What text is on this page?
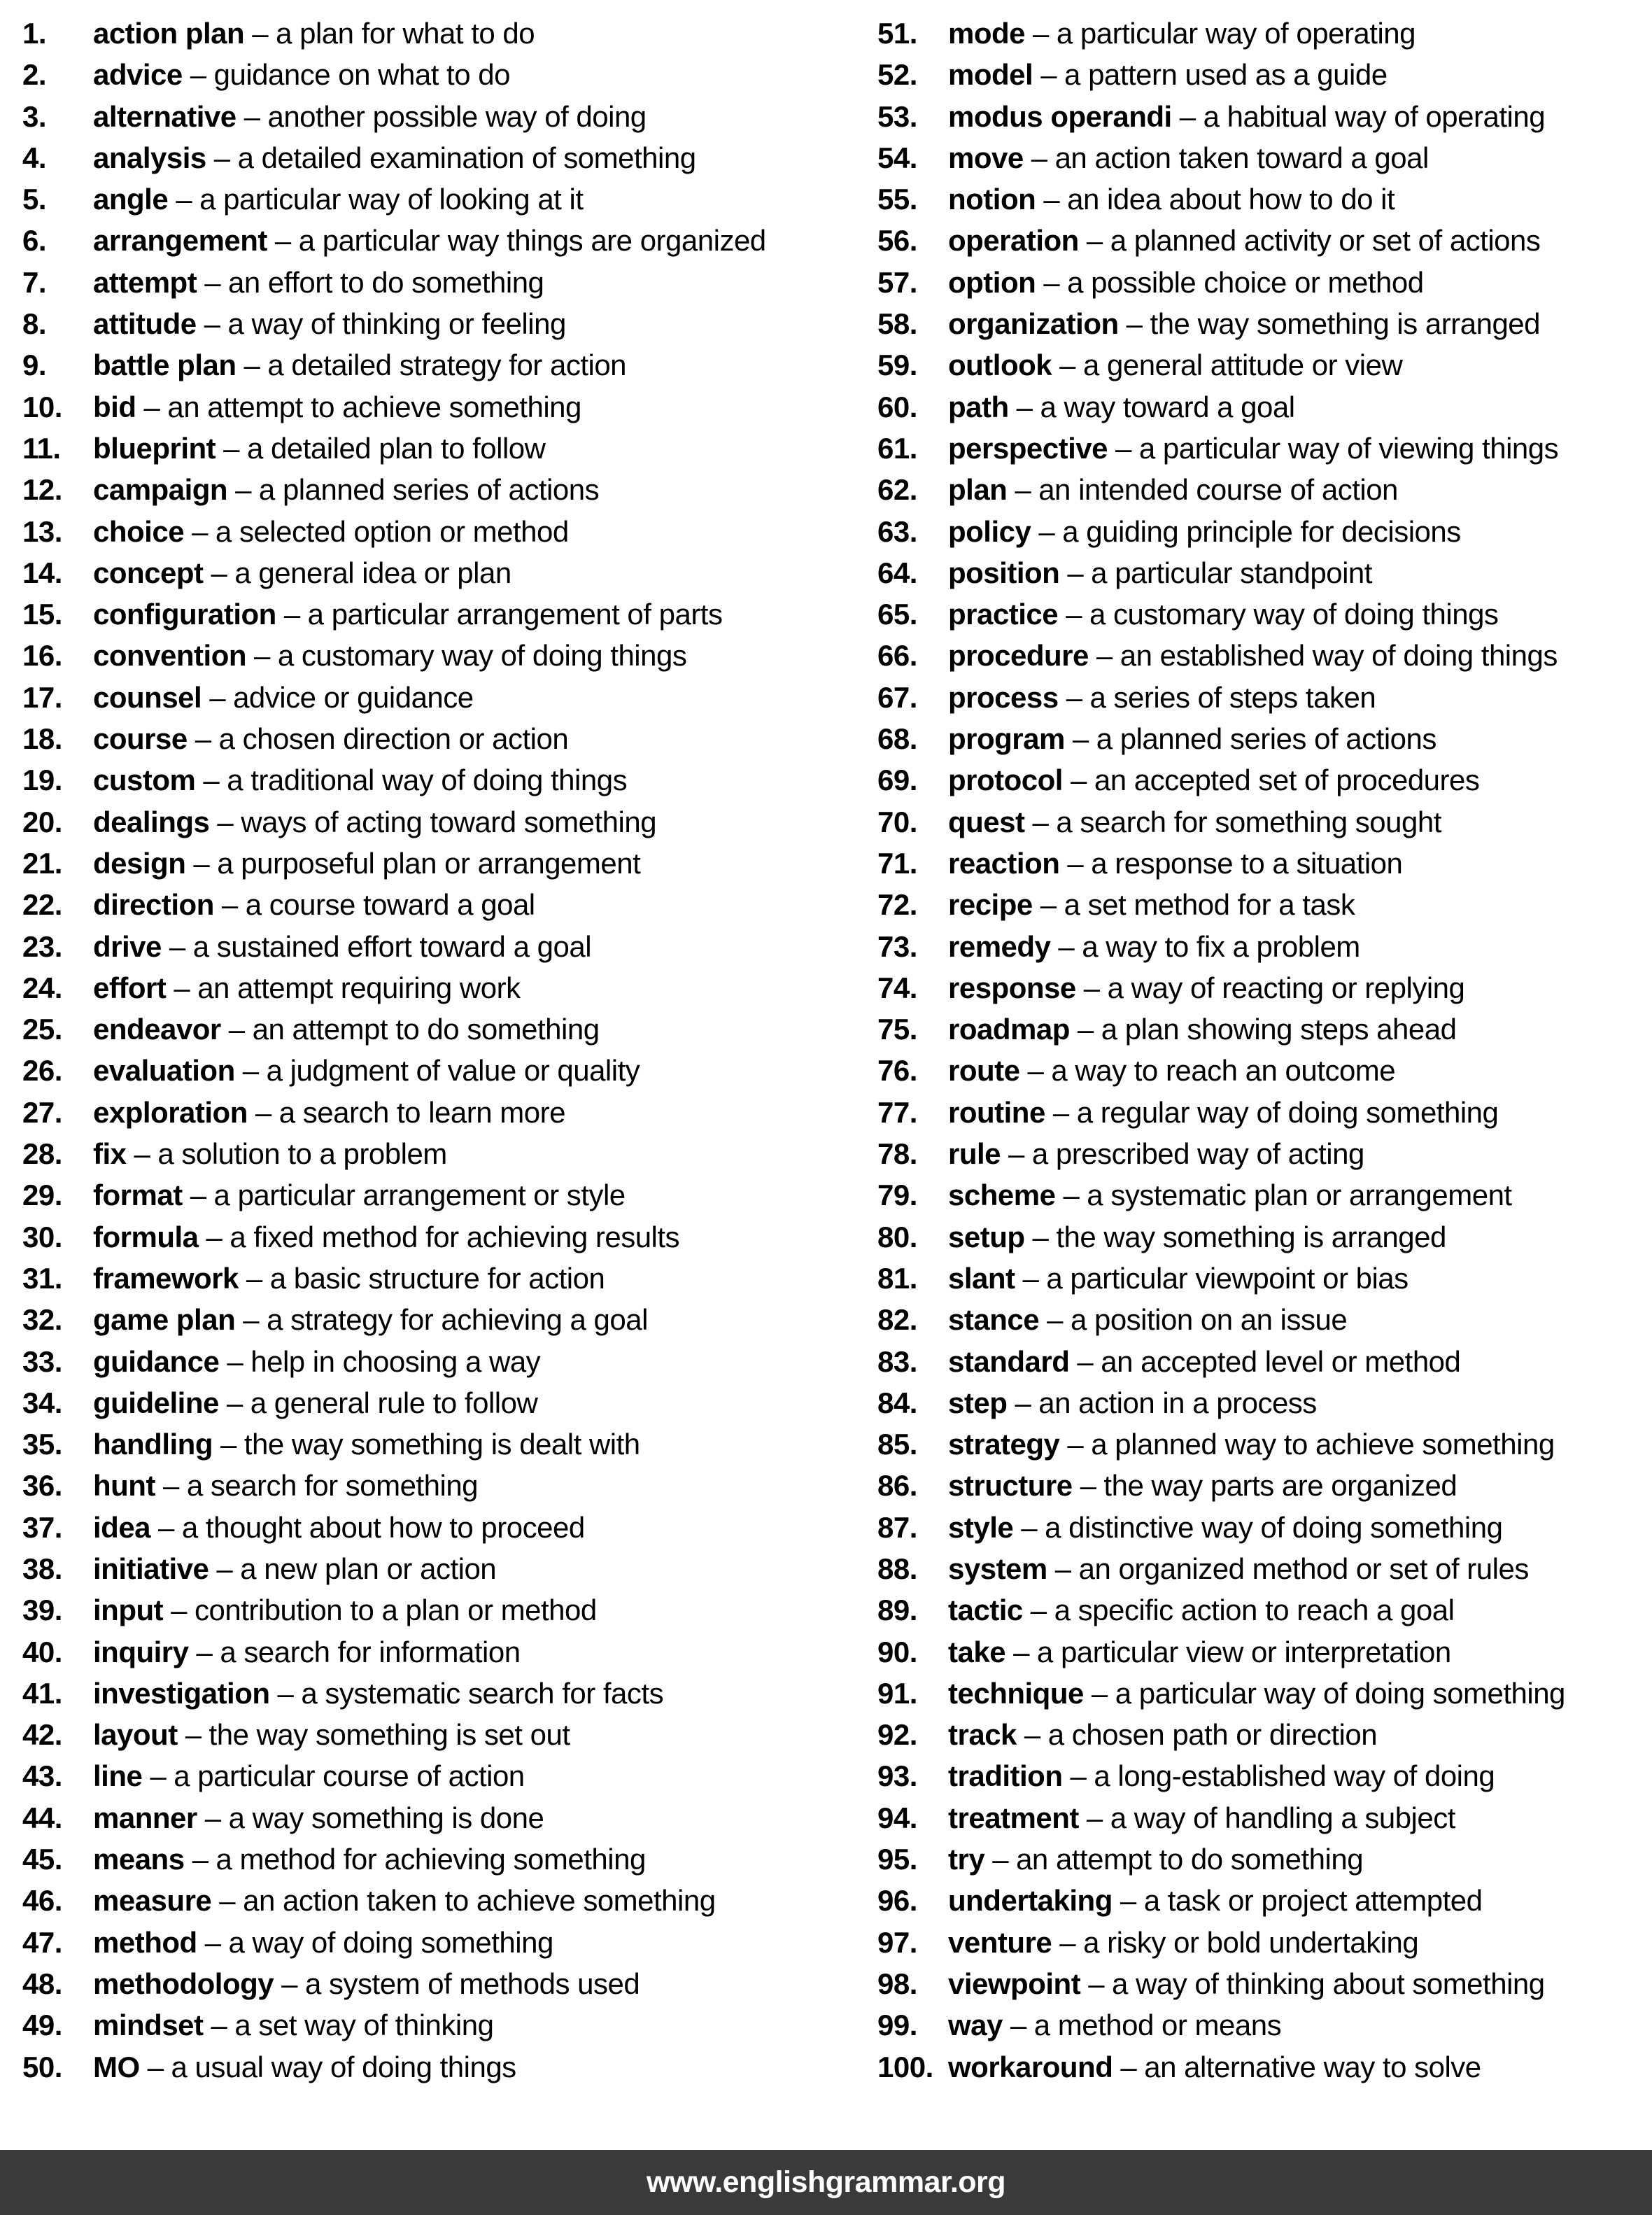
1. action plan – a plan for what to do
2. advice – guidance on what to do
3. alternative – another possible way of doing
4. analysis – a detailed examination of something
5. angle – a particular way of looking at it
6. arrangement – a particular way things are organized
7. attempt – an effort to do something
8. attitude – a way of thinking or feeling
9. battle plan – a detailed strategy for action
10. bid – an attempt to achieve something
11. blueprint – a detailed plan to follow
12. campaign – a planned series of actions
13. choice – a selected option or method
14. concept – a general idea or plan
15. configuration – a particular arrangement of parts
16. convention – a customary way of doing things
17. counsel – advice or guidance
18. course – a chosen direction or action
19. custom – a traditional way of doing things
20. dealings – ways of acting toward something
21. design – a purposeful plan or arrangement
22. direction – a course toward a goal
23. drive – a sustained effort toward a goal
24. effort – an attempt requiring work
25. endeavor – an attempt to do something
26. evaluation – a judgment of value or quality
27. exploration – a search to learn more
28. fix – a solution to a problem
29. format – a particular arrangement or style
30. formula – a fixed method for achieving results
31. framework – a basic structure for action
32. game plan – a strategy for achieving a goal
33. guidance – help in choosing a way
34. guideline – a general rule to follow
35. handling – the way something is dealt with
36. hunt – a search for something
37. idea – a thought about how to proceed
38. initiative – a new plan or action
39. input – contribution to a plan or method
40. inquiry – a search for information
41. investigation – a systematic search for facts
42. layout – the way something is set out
43. line – a particular course of action
44. manner – a way something is done
45. means – a method for achieving something
46. measure – an action taken to achieve something
47. method – a way of doing something
48. methodology – a system of methods used
49. mindset – a set way of thinking
50. MO – a usual way of doing things
51. mode – a particular way of operating
52. model – a pattern used as a guide
53. modus operandi – a habitual way of operating
54. move – an action taken toward a goal
55. notion – an idea about how to do it
56. operation – a planned activity or set of actions
57. option – a possible choice or method
58. organization – the way something is arranged
59. outlook – a general attitude or view
60. path – a way toward a goal
61. perspective – a particular way of viewing things
62. plan – an intended course of action
63. policy – a guiding principle for decisions
64. position – a particular standpoint
65. practice – a customary way of doing things
66. procedure – an established way of doing things
67. process – a series of steps taken
68. program – a planned series of actions
69. protocol – an accepted set of procedures
70. quest – a search for something sought
71. reaction – a response to a situation
72. recipe – a set method for a task
73. remedy – a way to fix a problem
74. response – a way of reacting or replying
75. roadmap – a plan showing steps ahead
76. route – a way to reach an outcome
77. routine – a regular way of doing something
78. rule – a prescribed way of acting
79. scheme – a systematic plan or arrangement
80. setup – the way something is arranged
81. slant – a particular viewpoint or bias
82. stance – a position on an issue
83. standard – an accepted level or method
84. step – an action in a process
85. strategy – a planned way to achieve something
86. structure – the way parts are organized
87. style – a distinctive way of doing something
88. system – an organized method or set of rules
89. tactic – a specific action to reach a goal
90. take – a particular view or interpretation
91. technique – a particular way of doing something
92. track – a chosen path or direction
93. tradition – a long-established way of doing
94. treatment – a way of handling a subject
95. try – an attempt to do something
96. undertaking – a task or project attempted
97. venture – a risky or bold undertaking
98. viewpoint – a way of thinking about something
99. way – a method or means
100. workaround – an alternative way to solve
www.englishgrammar.org
